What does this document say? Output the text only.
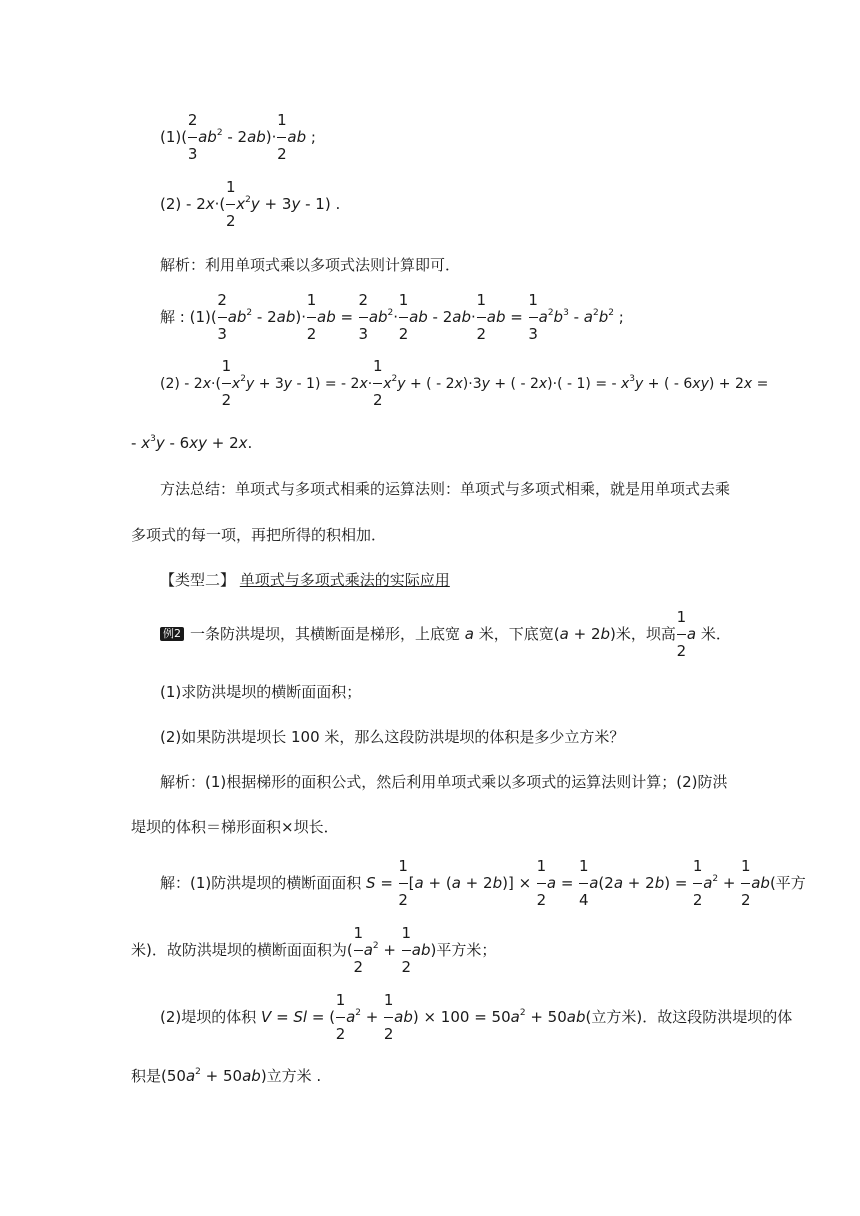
$(1)( \frac{2}{3} ab^2 - 2ab)\cdot \frac{1}{2}$ ab ;
$(2) - 2x\cdot( \frac{1}{2} x^2y + 3y - 1)$ .
解析：利用单项式乘以多项式法则计算即可．
解 : $(1)( \frac{2}{3} ab^2 - 2ab)\cdot \frac{1}{2}$ ab = $\frac{2}{3} ab^2\cdot \frac{1}{2}$ ab - $2ab\cdot \frac{1}{2}$ ab = $\frac{1}{3} a^2b^3 - a^2b^2$ ;
$(2) - 2x\cdot( \frac{1}{2} x^2y + 3y - 1)$ = - $2x\cdot \frac{1}{2} x^2y$ + ( - 2x)·3y + ( - 2x)·( - 1) = - $x^3y$ + ( - 6xy) + 2x =
- $x^3y - 6xy + 2x$.
方法总结：单项式与多项式相乘的运算法则：单项式与多项式相乘，就是用单项式去乘
多项式的每一项，再把所得的积相加．
【类型二】 单项式与多项式乘法的实际应用
例2 一条防洪堤坝，其横断面是梯形，上底宽 a 米，下底宽(a + 2b)米，坝高 $\frac{1}{2}$ a 米．
(1)求防洪堤坝的横断面面积；
(2)如果防洪堤坝长 100 米，那么这段防洪堤坝的体积是多少立方米？
解析：(1)根据梯形的面积公式，然后利用单项式乘以多项式的运算法则计算；(2)防洪
堤坝的体积＝梯形面积×坝长．
解：(1)防洪堤坝的横断面面积 $S = \frac{1}{2} [a + (a + 2b)] \times \frac{1}{2}$ $a = \frac{1}{4} a(2a + 2b) = \frac{1}{2} a^2 + \frac{1}{2} ab$(平方
米)．故防洪堤坝的横断面面积为( $\frac{1}{2} a^2 + \frac{1}{2} ab$)平方米；
(2)堤坝的体积 V = Sl = ( $\frac{1}{2} a^2 + \frac{1}{2} ab) \times 100 = 50a^2 + 50ab$(立方米)．故这段防洪堤坝的体
积是$(50a^2 + 50ab)$立方米 .
